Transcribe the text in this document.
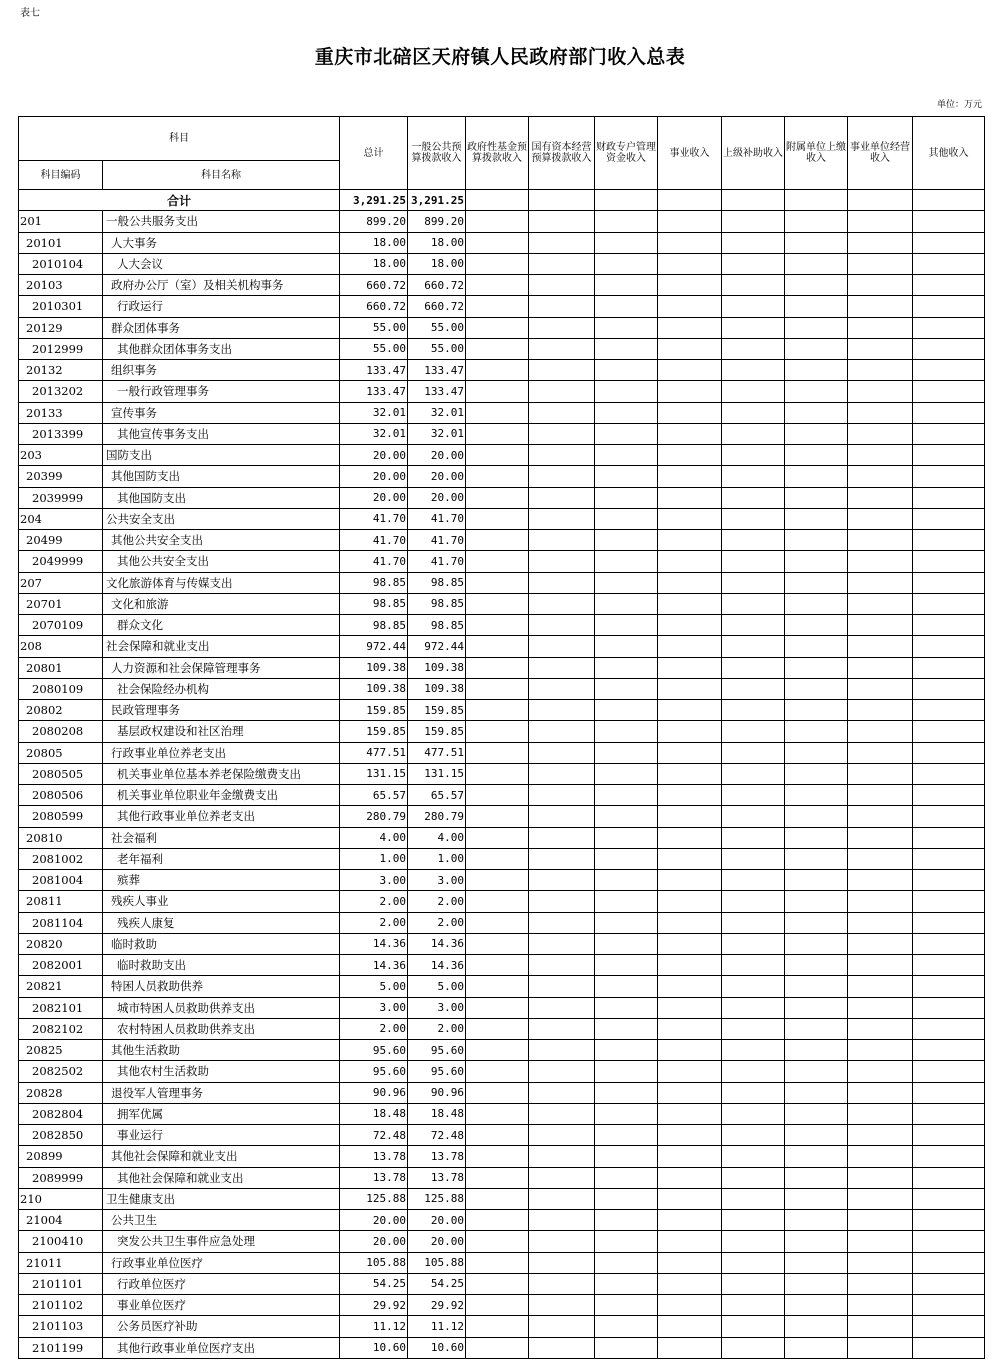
表七
重庆市北碚区天府镇人民政府部门收入总表
单位：万元
科目		总计	一般公共预算拨款收入	政府性基金预算拨款收入	国有资本经营预算拨款收入	财政专户管理资金收入	事业收入	上级补助收入	附属单位上缴收入	事业单位经营收入	其他收入
科目编码	科目名称										
合计		3,291.25	3,291.25								
201	一般公共服务支出	899.20	899.20								
20101	人大事务	18.00	18.00								
2010104	人大会议	18.00	18.00								
20103	政府办公厅（室）及相关机构事务	660.72	660.72								
2010301	行政运行	660.72	660.72								
20129	群众团体事务	55.00	55.00								
2012999	其他群众团体事务支出	55.00	55.00								
20132	组织事务	133.47	133.47								
2013202	一般行政管理事务	133.47	133.47								
20133	宣传事务	32.01	32.01								
2013399	其他宣传事务支出	32.01	32.01								
203	国防支出	20.00	20.00								
20399	其他国防支出	20.00	20.00								
2039999	其他国防支出	20.00	20.00								
204	公共安全支出	41.70	41.70								
20499	其他公共安全支出	41.70	41.70								
2049999	其他公共安全支出	41.70	41.70								
207	文化旅游体育与传媒支出	98.85	98.85								
20701	文化和旅游	98.85	98.85								
2070109	群众文化	98.85	98.85								
208	社会保障和就业支出	972.44	972.44								
20801	人力资源和社会保障管理事务	109.38	109.38								
2080109	社会保险经办机构	109.38	109.38								
20802	民政管理事务	159.85	159.85								
2080208	基层政权建设和社区治理	159.85	159.85								
20805	行政事业单位养老支出	477.51	477.51								
2080505	机关事业单位基本养老保险缴费支出	131.15	131.15								
2080506	机关事业单位职业年金缴费支出	65.57	65.57								
2080599	其他行政事业单位养老支出	280.79	280.79								
20810	社会福利	4.00	4.00								
2081002	老年福利	1.00	1.00								
2081004	殡葬	3.00	3.00								
20811	残疾人事业	2.00	2.00								
2081104	残疾人康复	2.00	2.00								
20820	临时救助	14.36	14.36								
2082001	临时救助支出	14.36	14.36								
20821	特困人员救助供养	5.00	5.00								
2082101	城市特困人员救助供养支出	3.00	3.00								
2082102	农村特困人员救助供养支出	2.00	2.00								
20825	其他生活救助	95.60	95.60								
2082502	其他农村生活救助	95.60	95.60								
20828	退役军人管理事务	90.96	90.96								
2082804	拥军优属	18.48	18.48								
2082850	事业运行	72.48	72.48								
20899	其他社会保障和就业支出	13.78	13.78								
2089999	其他社会保障和就业支出	13.78	13.78								
210	卫生健康支出	125.88	125.88								
21004	公共卫生	20.00	20.00								
2100410	突发公共卫生事件应急处理	20.00	20.00								
21011	行政事业单位医疗	105.88	105.88								
2101101	行政单位医疗	54.25	54.25								
2101102	事业单位医疗	29.92	29.92								
2101103	公务员医疗补助	11.12	11.12								
2101199	其他行政事业单位医疗支出	10.60	10.60								
